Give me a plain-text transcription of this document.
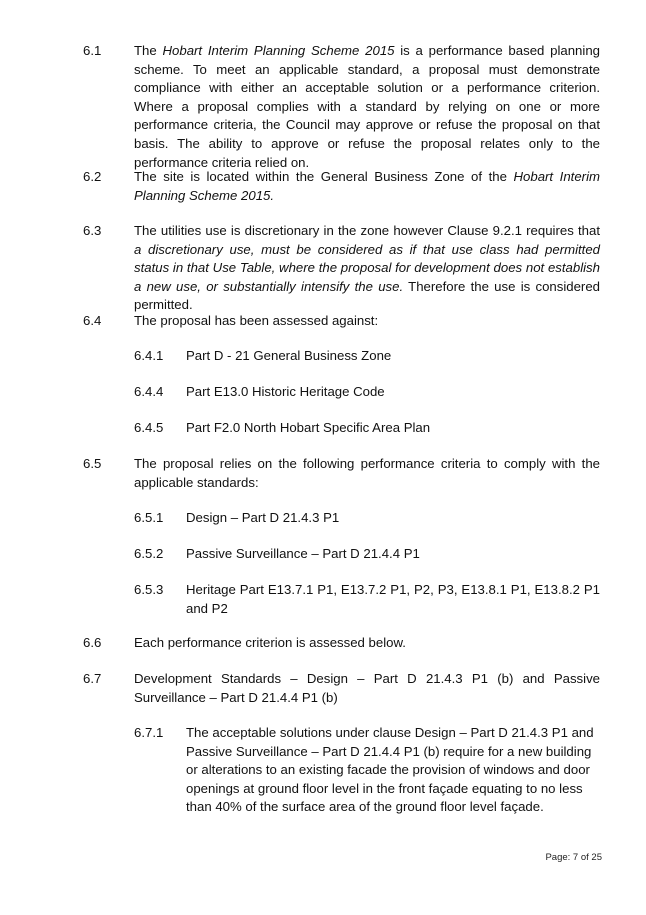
6.1 The Hobart Interim Planning Scheme 2015 is a performance based planning scheme. To meet an applicable standard, a proposal must demonstrate compliance with either an acceptable solution or a performance criterion. Where a proposal complies with a standard by relying on one or more performance criteria, the Council may approve or refuse the proposal on that basis. The ability to approve or refuse the proposal relates only to the performance criteria relied on.
6.2 The site is located within the General Business Zone of the Hobart Interim Planning Scheme 2015.
6.3 The utilities use is discretionary in the zone however Clause 9.2.1 requires that a discretionary use, must be considered as if that use class had permitted status in that Use Table, where the proposal for development does not establish a new use, or substantially intensify the use. Therefore the use is considered permitted.
6.4 The proposal has been assessed against:
6.4.1 Part D - 21 General Business Zone
6.4.4 Part E13.0 Historic Heritage Code
6.4.5 Part F2.0 North Hobart Specific Area Plan
6.5 The proposal relies on the following performance criteria to comply with the applicable standards:
6.5.1 Design – Part D 21.4.3 P1
6.5.2 Passive Surveillance – Part D 21.4.4 P1
6.5.3 Heritage Part E13.7.1 P1, E13.7.2 P1, P2, P3, E13.8.1 P1, E13.8.2 P1 and P2
6.6 Each performance criterion is assessed below.
6.7 Development Standards – Design – Part D 21.4.3 P1 (b) and Passive Surveillance – Part D 21.4.4 P1 (b)
6.7.1 The acceptable solutions under clause Design – Part D 21.4.3 P1 and Passive Surveillance – Part D 21.4.4 P1 (b) require for a new building or alterations to an existing facade the provision of windows and door openings at ground floor level in the front façade equating to no less than 40% of the surface area of the ground floor level façade.
Page: 7 of 25
